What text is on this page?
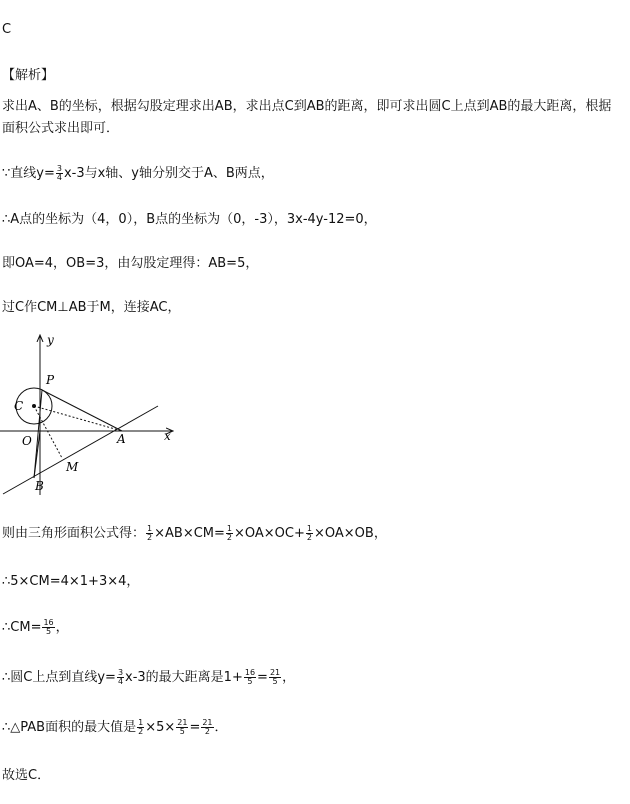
C
【解析】
求出A、B的坐标，根据勾股定理求出AB，求出点C到AB的距离，即可求出圆C上点到AB的最大距离，根据面积公式求出即可．
∵直线$y= \frac{3}{4} x-3$与x轴、y轴分别交于A、B两点，
∴A点的坐标为（4，0），B点的坐标为（0，-3），3x-4y-12=0，
即OA=4，OB=3，由勾股定理得：AB=5，
过C作CM⊥AB于M，连接AC，
y
x
P
C
O	A
M
B
则由三角形面积公式得： $\frac{1}{2} \times AB\times CM= \frac{1}{2} \times OA\times OC+ \frac{1}{2} \times OA\times OB$，
∴5×CM=4×1+3×4，
∴CM= $\frac{16}{5}$ ，
∴圆C上点到直线$y= \frac{3}{4} x-3$的最大距离是$1+ \frac{16}{5} = \frac{21}{5}$ ，
∴△PAB面积的最大值是 $\frac{1}{2} \times 5\times \frac{21}{5} = \frac{21}{2}$ ．
故选C．
